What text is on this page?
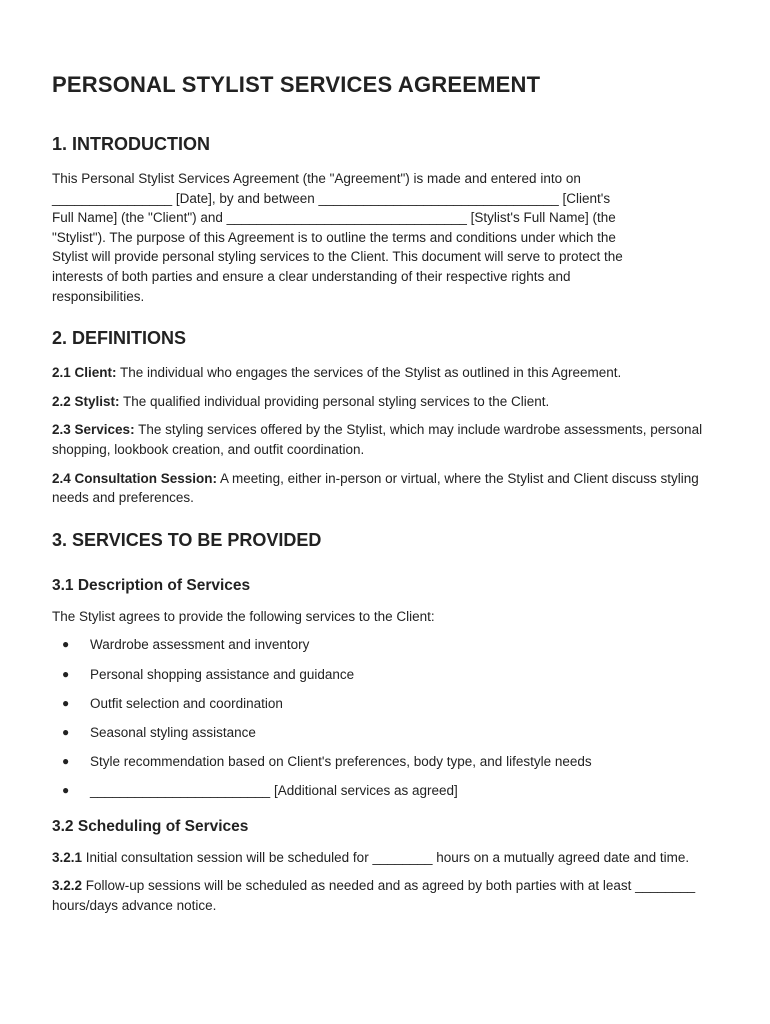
PERSONAL STYLIST SERVICES AGREEMENT
1. INTRODUCTION

This Personal Stylist Services Agreement (the "Agreement") is made and entered into on
________________ [Date], by and between ________________________________ [Client's
Full Name] (the "Client") and ________________________________ [Stylist's Full Name] (the
"Stylist"). The purpose of this Agreement is to outline the terms and conditions under which the
Stylist will provide personal styling services to the Client. This document will serve to protect the
interests of both parties and ensure a clear understanding of their respective rights and
responsibilities.

2. DEFINITIONS

2.1 Client: The individual who engages the services of the Stylist as outlined in this Agreement.

2.2 Stylist: The qualified individual providing personal styling services to the Client.

2.3 Services: The styling services offered by the Stylist, which may include wardrobe assessments, personal shopping, lookbook creation, and outfit coordination.

2.4 Consultation Session: A meeting, either in-person or virtual, where the Stylist and Client discuss styling needs and preferences.

3. SERVICES TO BE PROVIDED
3.1 Description of Services

The Stylist agrees to provide the following services to the Client:

● Wardrobe assessment and inventory
● Personal shopping assistance and guidance
● Outfit selection and coordination
● Seasonal styling assistance
● Style recommendation based on Client's preferences, body type, and lifestyle needs
● ________________________ [Additional services as agreed]
3.2 Scheduling of Services

3.2.1 Initial consultation session will be scheduled for ________ hours on a mutually agreed date and time.

3.2.2 Follow-up sessions will be scheduled as needed and as agreed by both parties with at least ________ hours/days advance notice.
